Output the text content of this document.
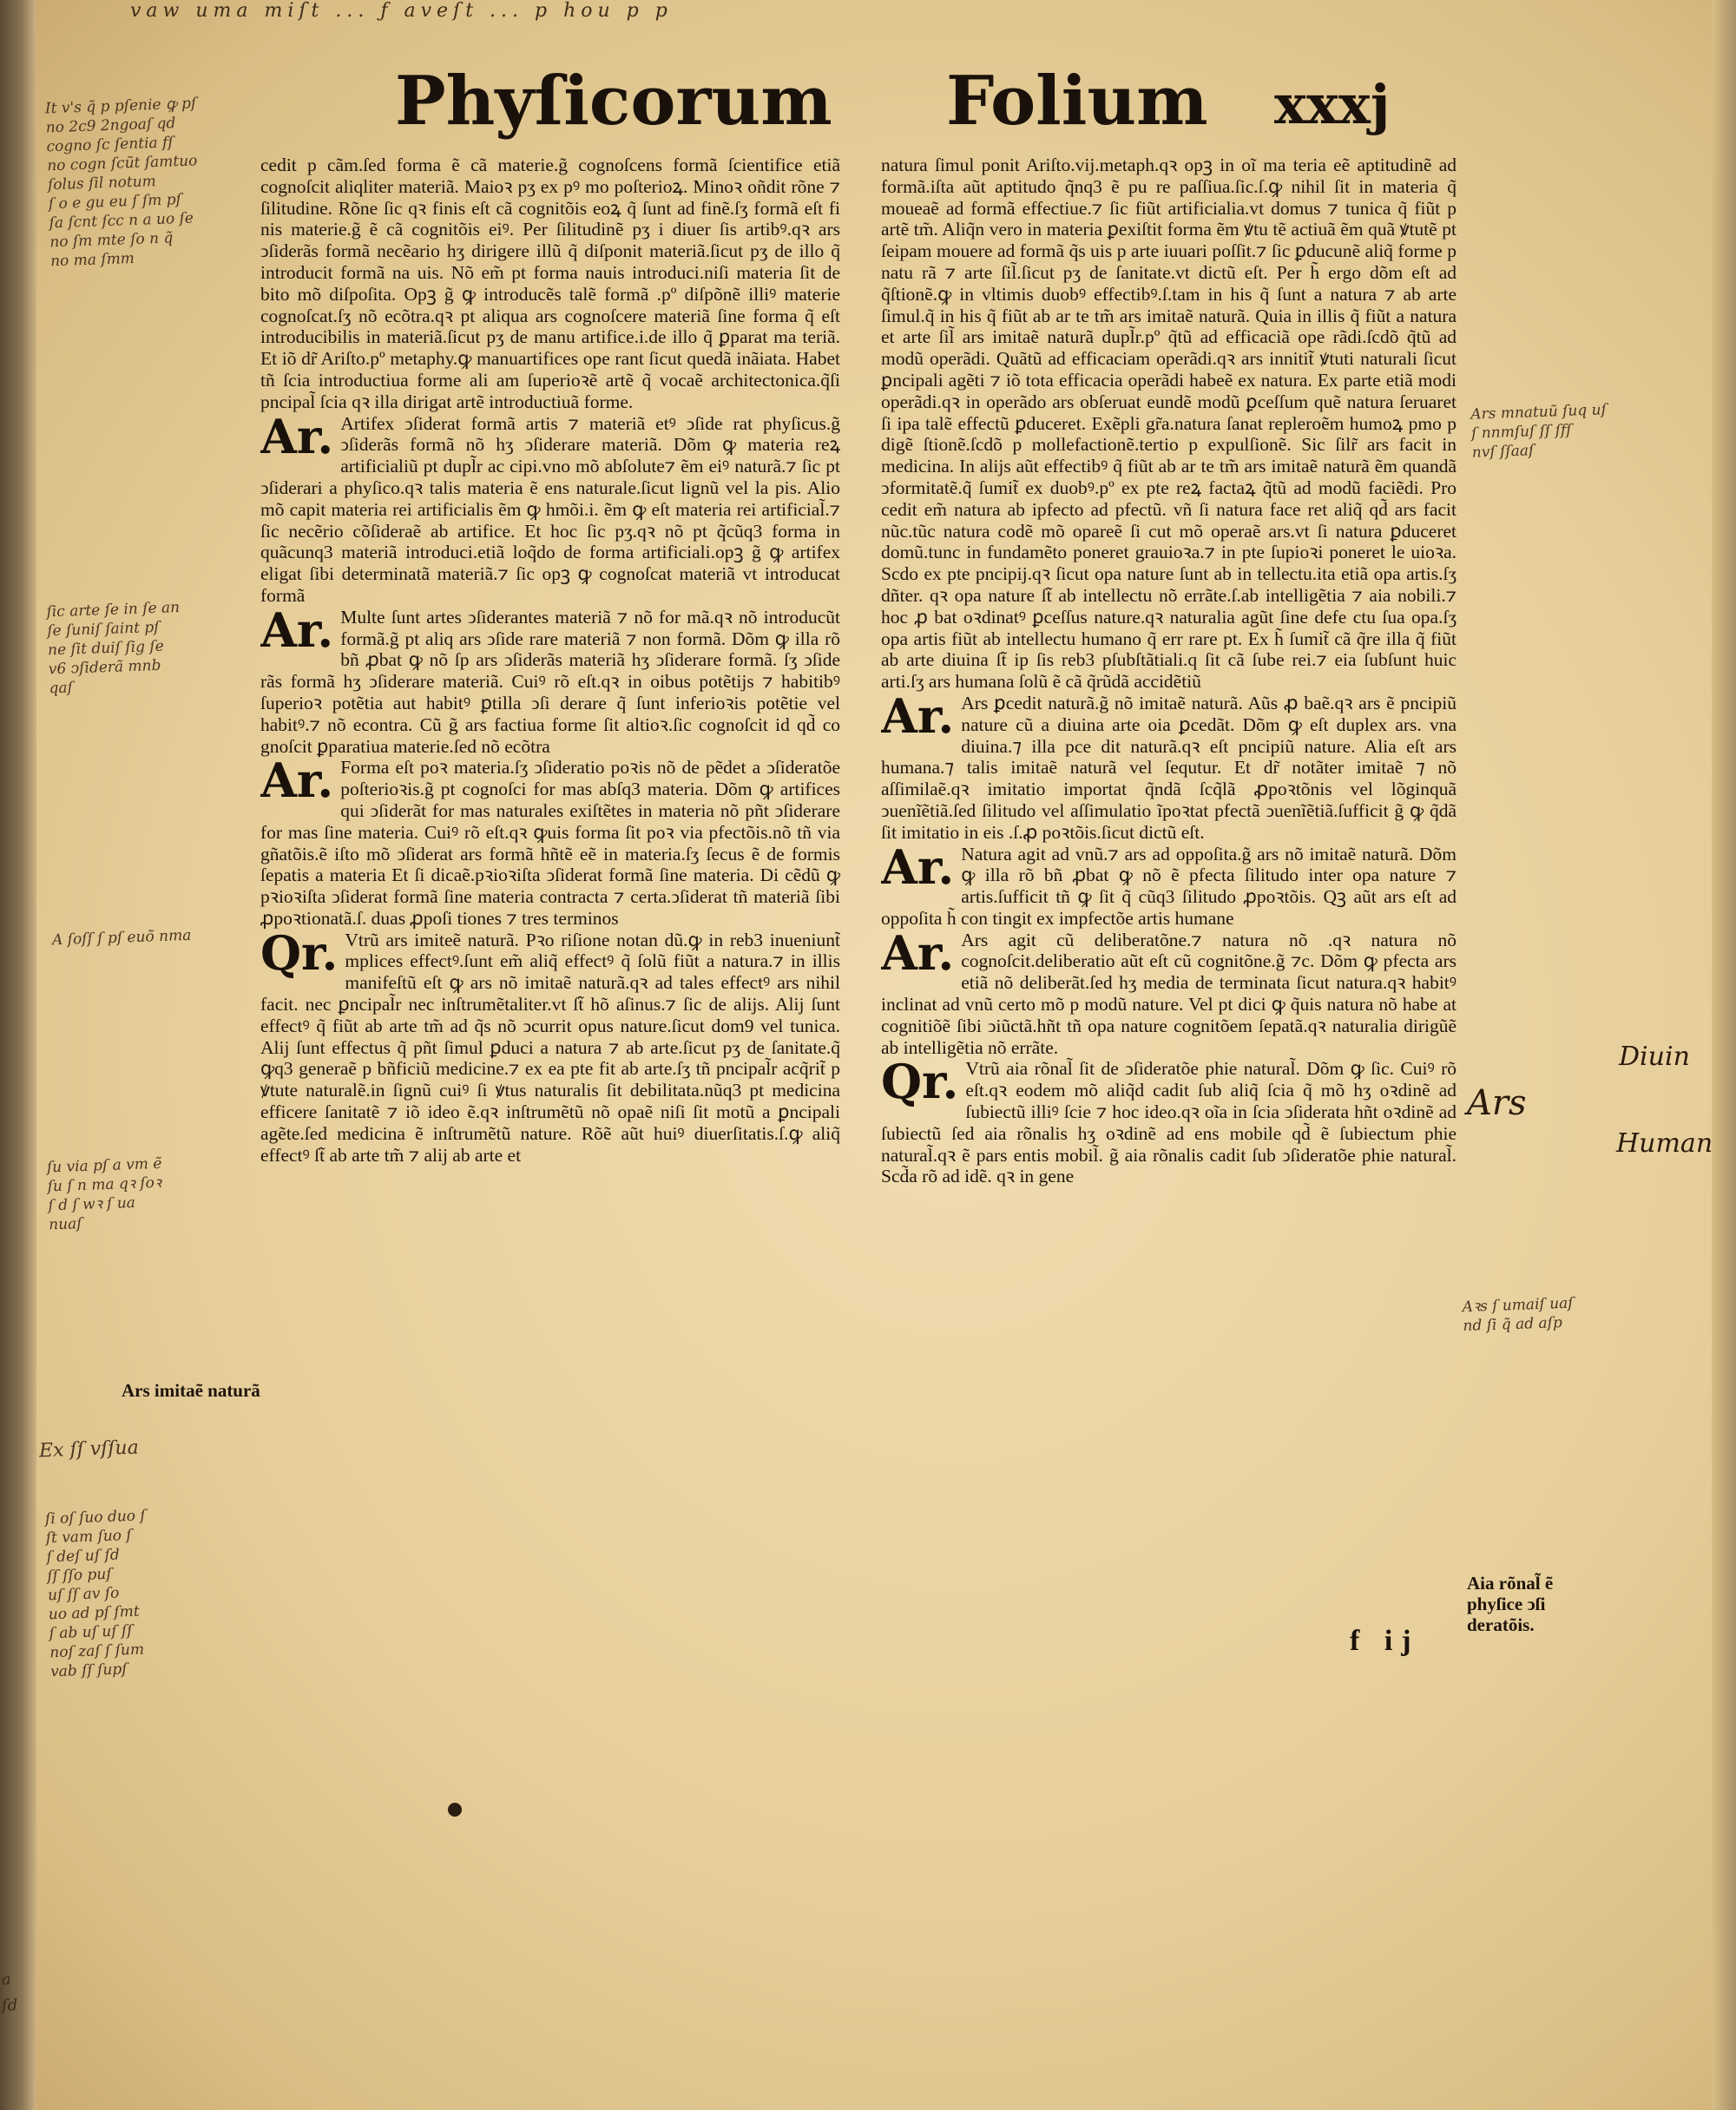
vaw uma miſt ... ƒ aveſt ... p hou p p
Phyſicorum Folium xxxj
cedit p cãm.ſed forma ẽ cã materie.g̃ cognoſcens formã ſcientifice etiã cognoſcit aliqliter materiã. Maioꝛ pʒ ex pꝰ mo poſterioꝝ. Minoꝛ oñdit rõne ⁊ ſilitudine. Rõne ſic qꝛ finis eſt cã cognitõis eoꝝ q̃ ſunt ad finẽ.ſʒ formã eſt fi nis materie.g̃ ẽ cã cognitõis eiꝰ. Per ſilitudinẽ pʒ i diuer ſis artibꝰ.qꝛ ars ↄſiderãs formã necẽario hʒ dirigere illũ q̃ diſponit materiã.ſicut pʒ de illo q̃ introducit formã na uis. Nõ em̃ pt forma nauis introduci.niſi materia ſit de bito mõ diſpoſita. Opꝫ g̃ ꝙ introducẽs talẽ formã .pº diſpõnẽ illiꝰ materie cognoſcat.ſʒ nõ ecõtra.qꝛ pt aliqua ars cognoſcere materiã ſine forma q̃ eſt introducibilis in materiã.ſicut pʒ de manu artifice.i.de illo q̃ ꝑparat ma teriã. Et iõ dr̃ Ariſto.pº metaphy.ꝙ manuartifices ope rant ſicut quedã inãiata. Habet tñ ſcia introductiua forme ali am ſuperioꝛẽ artẽ q̃ vocaẽ architectonica.q̃ſi pncipal̃ ſcia qꝛ illa dirigat artẽ introductiuã forme.
Ar. Artifex ↄſiderat formã artis ⁊ materiã etꝰ ↄſide rat phyſicus.g̃ ↄſiderãs formã nõ hʒ ↄſiderare materiã. Dõm ꝙ materia reꝝ artificialiũ pt dupl̃r ac cipi.vno mõ abſolute⁊ ẽm eiꝰ naturã.⁊ ſic pt ↄſiderari a phyſico.qꝛ talis materia ẽ ens naturale.ſicut lignũ vel la pis. Alio mõ capit materia rei artificialis ẽm ꝙ hmõi.i. ẽm ꝙ eſt materia rei artificial̃.⁊ ſic necẽrio cõſideraẽ ab artifice. Et hoc ſic pʒ.qꝛ nõ pt q̃cũq3 forma in quãcunq3 materiã introduci.etiã loq̃do de forma artificiali.opꝫ g̃ ꝙ artifex eligat ſibi determinatã materiã.⁊ ſic opꝫ ꝙ cognoſcat materiã vt introducat formã
Ar. Multe ſunt artes ↄſiderantes materiã ⁊ nõ for mã.qꝛ nõ introducũt formã.g̃ pt aliq ars ↄſide rare materiã ⁊ non formã. Dõm ꝙ illa rõ bñ ꝓbat ꝙ nõ ſp ars ↄſiderãs materiã hʒ ↄſiderare formã. ſʒ ↄſide rãs formã hʒ ↄſiderare materiã. Cuiꝰ rõ eſt.qꝛ in oibus potẽtijs ⁊ habitibꝰ ſuperioꝛ potẽtia aut habitꝰ ꝑtilla ↄſi derare q̃ ſunt inferioꝛis potẽtie vel habitꝰ.⁊ nõ econtra. Cũ g̃ ars factiua forme ſit altioꝛ.ſic cognoſcit id qd̃ co gnoſcit ꝑparatiua materie.ſed nõ ecõtra
Ar. Forma eſt poꝛ materia.ſʒ ↄſideratio poꝛis nõ de pẽdet a ↄſideratõe poſterioꝛis.g̃ pt cognoſci for mas abſq3 materia. Dõm ꝙ artifices qui ↄſiderãt for mas naturales exiſtẽtes in materia nõ pñt ↄſiderare for mas ſine materia. Cuiꝰ rõ eſt.qꝛ ꝙuis forma ſit poꝛ via pfectõis.nõ tñ via gñatõis.ẽ iſto mõ ↄſiderat ars formã hñtẽ eẽ in materia.ſʒ ſecus ẽ de formis ſepatis a materia Et ſi dicaẽ.pꝛioꝛiſta ↄſiderat formã ſine materia. Di cẽdũ ꝙ pꝛioꝛiſta ↄſiderat formã ſine materia contracta ⁊ certa.ↄſiderat tñ materiã ſibi ꝓpoꝛtionatã.ſ. duas ꝓpoſi tiones ⁊ tres terminos
Qr. Vtrũ ars imiteẽ naturã. Pꝛo riſione notan dũ.ꝙ in reb3 inueniunt̃ mplices effectꝰ.ſunt em̃ aliq̃ effectꝰ q̃ ſolũ fiũt a natura.⁊ in illis manifeſtũ eſt ꝙ ars nõ imitaẽ naturã.qꝛ ad tales effectꝰ ars nihil facit. nec ꝑncipal̃r nec inſtrumẽtaliter.vt ſt̃ hõ aſinus.⁊ ſic de alijs. Alij ſunt effectꝰ q̃ fiũt ab arte tm̃ ad q̃s nõ ↄcurrit opus nature.ſicut dom9 vel tunica. Alij ſunt effectus q̃ pñt ſimul ꝑduci a natura ⁊ ab arte.ſicut pʒ de ſanitate.q̃ ꝙq3 generaẽ p bñficiũ medicine.⁊ ex ea pte fit ab arte.ſʒ tñ pncipal̃r acq̃rit̃ p ꝟtute naturalẽ.in ſignũ cuiꝰ ſi ꝟtus naturalis ſit debilitata.nũq3 pt medicina efficere ſanitatẽ ⁊ iõ ideo ẽ.qꝛ inſtrumẽtũ nõ opaẽ niſi ſit motũ a ꝑncipali agẽte.ſed medicina ẽ inſtrumẽtũ nature. Rõẽ aũt huiꝰ diuerſitatis.ſ.ꝙ aliq̃ effectꝰ ſt̃ ab arte tm̃ ⁊ alij ab arte et
natura ſimul ponit Ariſto.vij.metaph.qꝛ opꝫ in oĩ ma teria eẽ aptitudinẽ ad formã.iſta aũt aptitudo q̃nq3 ẽ pu re paſſiua.ſic.ſ.ꝙ nihil ſit in materia q̃ moueaẽ ad formã effectiue.⁊ ſic fiũt artificialia.vt domus ⁊ tunica q̃ fiũt p artẽ tm̃. Aliq̃n vero in materia ꝑexiſtit forma ẽm ꝟtu tẽ actiuã ẽm quã ꝟtutẽ pt ſeipam mouere ad formã q̃s uis p arte iuuari poſſit.⁊ ſic ꝑducunẽ aliq̃ forme p natu rã ⁊ arte ſil̃.ſicut pʒ de ſanitate.vt dictũ eſt. Per h̃ ergo dõm eſt ad q̃ſtionẽ.ꝙ in vltimis duobꝰ effectibꝰ.ſ.tam in his q̃ ſunt a natura ⁊ ab arte ſimul.q̃ in his q̃ fiũt ab ar te tm̃ ars imitaẽ naturã. Quia in illis q̃ fiũt a natura et arte ſil̃ ars imitaẽ naturã dupl̃r.pº q̃tũ ad efficaciã ope rãdi.ſcdõ q̃tũ ad modũ operãdi. Quãtũ ad efficaciam operãdi.qꝛ ars innitit̃ ꝟtuti naturali ſicut ꝑncipali agẽti ⁊ iõ tota efficacia operãdi habeẽ ex natura. Ex parte etiã modi operãdi.qꝛ in operãdo ars obſeruat eundẽ modũ ꝑceſſum quẽ natura ſeruaret ſi ipa talẽ effectũ ꝑduceret. Exẽpli gr̃a.natura ſanat repleroẽm humoꝝ pmo p digẽ ſtionẽ.ſcdõ p mollefactionẽ.tertio p expulſionẽ. Sic ſilr̃ ars facit in medicina. In alijs aũt effectibꝰ q̃ fiũt ab ar te tm̃ ars imitaẽ naturã ẽm quandã ↄformitatẽ.q̃ ſumit̃ ex duobꝰ.pº ex pte reꝝ factaꝝ q̃tũ ad modũ faciẽdi. Pro cedit em̃ natura ab ipfecto ad pfectũ. vñ ſi natura face ret aliq̃ qd̃ ars facit nũc.tũc natura codẽ mõ opareẽ ſi cut mõ operaẽ ars.vt ſi natura ꝑduceret domũ.tunc in fundamẽto poneret grauioꝛa.⁊ in pte ſupioꝛi poneret le uioꝛa. Scdo ex pte pncipij.qꝛ ſicut opa nature ſunt ab in tellectu.ita etiã opa artis.ſʒ dñter. qꝛ opa nature ſt̃ ab intellectu nõ errãte.ſ.ab intelligẽtia ⁊ aia nobili.⁊ hoc ꝓ bat oꝛdinatꝰ ꝑceſſus nature.qꝛ naturalia agũt ſine defe ctu ſua opa.ſʒ opa artis fiũt ab intellectu humano q̃ err rare pt. Ex h̃ ſumit̃ cã q̃re illa q̃ fiũt ab arte diuina ſt̃ ip ſis reb3 pſubſtãtiali.q ſit cã ſube rei.⁊ eia ſubſunt huic arti.ſʒ ars humana ſolũ ẽ cã q̃rũdã accidẽtiũ
Ar. Ars ꝑcedit naturã.g̃ nõ imitaẽ naturã. Aũs ꝓ baẽ.qꝛ ars ẽ pncipiũ nature cũ a diuina arte oia ꝑcedãt. Dõm ꝙ eſt duplex ars. vna diuina.⁊ illa pce dit naturã.qꝛ eſt pncipiũ nature. Alia eſt ars humana.⁊ talis imitaẽ naturã vel ſequtur. Et dr̃ notãter imitaẽ ⁊ nõ aſſimilaẽ.qꝛ imitatio importat q̃ndã ſcq̃lã ꝓpoꝛtõnis vel lõginquã ↄuenĩẽtiã.ſed ſilitudo vel aſſimulatio ĩpoꝛtat pfectã ↄuenĩẽtiã.ſufficit g̃ ꝙ q̃dã ſit imitatio in eis .ſ.ꝓ poꝛtõis.ſicut dictũ eſt.
Ar. Natura agit ad vnũ.⁊ ars ad oppoſita.g̃ ars nõ imitaẽ naturã. Dõm ꝙ illa rõ bñ ꝓbat ꝙ nõ ẽ pfecta ſilitudo inter opa nature ⁊ artis.ſufficit tñ ꝙ ſit q̃ cũq3 ſilitudo ꝓpoꝛtõis. Qꝫ aũt ars eſt ad oppoſita h̃ con tingit ex impfectõe artis humane
Ar. Ars agit cũ deliberatõne.⁊ natura nõ .qꝛ natura nõ cognoſcit.deliberatio aũt eſt cũ cognitõne.g̃ ⁊c. Dõm ꝙ pfecta ars etiã nõ deliberãt.ſed hʒ media de terminata ſicut natura.qꝛ habitꝰ inclinat ad vnũ certo mõ p modũ nature. Vel pt dici ꝙ q̃uis natura nõ habe at cognitiõẽ ſibi ↄiũctã.hñt tñ opa nature cognitõem ſepatã.qꝛ naturalia dirigũẽ ab intelligẽtia nõ errãte.
Qr. Vtrũ aia rõnal̃ ſit de ↄſideratõe phie natural̃. Dõm ꝙ ſic. Cuiꝰ rõ eſt.qꝛ eodem mõ aliq̃d cadit ſub aliq̃ ſcia q̃ mõ hʒ oꝛdinẽ ad ſubiectũ illiꝰ ſcie ⁊ hoc ideo.qꝛ oĩa in ſcia ↄſiderata hñt oꝛdinẽ ad ſubiectũ ſed aia rõnalis hʒ oꝛdinẽ ad ens mobile qd̃ ẽ ſubiectum phie natural̃.qꝛ ẽ pars entis mobil̃. g̃ aia rõnalis cadit ſub ↄſideratõe phie natural̃. Scd̃a rõ ad idẽ. qꝛ in gene
f ij
Ars imitaẽ naturã
Aia rõnal̃ ẽ phyſice ↄſi deratõis.
It v's q̃ p pſenie ꝙ pſ
no 2c9 2ngoaſ qd
cogno ſc ſentia fſ
no cogn ſcũt ſamtuo
ſolus ſil notum
ſ o e gu eu ſ ſm pſ
ſa ſcnt ſcc n a uo ſe
no ſm mte ſo n q̃
no ma ſmm
ſic arte ſe in ſe an
ſe ſuniſ ſaint pſ
ne ſit duiſ ſig ſe
v6 ↄſiderã mnb
qaſ
A ſoſſ ſ pſ euõ nma
ſu via pſ a vm ẽ
ſu ſ n ma qꝛ ſoꝛ
ſ d ſ wꝛ ſ ua
nuaſ
Ex ſſ vſſua
ſi oſ ſuo duo ſ
ſt vam ſuo ſ
ſ deſ uſ ſd
ſſ ſſo puſ
uſ ſſ av ſo
uo ad pſ ſmt
ſ ab uſ uſ ſſ
noſ zaſ ſ ſum
vab ſſ ſupſ
Ars mnatuũ ſuq uſ
ſ nnmſuſ ſſ ſfſ
nvſ ſſaaſ
Aꝛs ſ umaiſ uaſ
nd ſi q̃ ad aſp
Diuin
Ars
Human
a
ſd
